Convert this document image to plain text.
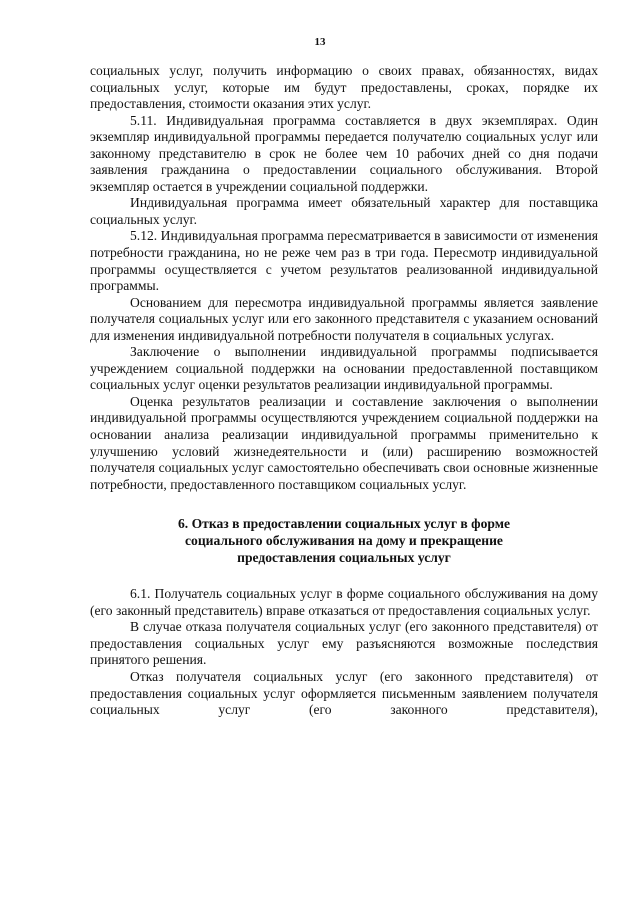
13

социальных услуг, получить информацию о своих правах, обязанностях, видах социальных услуг, которые им будут предоставлены, сроках, порядке их предоставления, стоимости оказания этих услуг.

5.11. Индивидуальная программа составляется в двух экземплярах. Один экземпляр индивидуальной программы передается получателю социальных услуг или законному представителю в срок не более чем 10 рабочих дней со дня подачи заявления гражданина о предоставлении социального обслуживания. Второй экземпляр остается в учреждении социальной поддержки.

Индивидуальная программа имеет обязательный характер для поставщика социальных услуг.

5.12. Индивидуальная программа пересматривается в зависимости от изменения потребности гражданина, но не реже чем раз в три года. Пересмотр индивидуальной программы осуществляется с учетом результатов реализованной индивидуальной программы.

Основанием для пересмотра индивидуальной программы является заявление получателя социальных услуг или его законного представителя с указанием оснований для изменения индивидуальной потребности получателя в социальных услугах.

Заключение о выполнении индивидуальной программы подписывается учреждением социальной поддержки на основании предоставленной поставщиком социальных услуг оценки результатов реализации индивидуальной программы.

Оценка результатов реализации и составление заключения о выполнении индивидуальной программы осуществляются учреждением социальной поддержки на основании анализа реализации индивидуальной программы применительно к улучшению условий жизнедеятельности и (или) расширению возможностей получателя социальных услуг самостоятельно обеспечивать свои основные жизненные потребности, предоставленного поставщиком социальных услуг.

6. Отказ в предоставлении социальных услуг в форме
социального обслуживания на дому и прекращение
предоставления социальных услуг

6.1. Получатель социальных услуг в форме социального обслуживания на дому (его законный представитель) вправе отказаться от предоставления социальных услуг.

В случае отказа получателя социальных услуг (его законного представителя) от предоставления социальных услуг ему разъясняются возможные последствия принятого решения.

Отказ получателя социальных услуг (его законного представителя) от предоставления социальных услуг оформляется письменным заявлением получателя социальных услуг (его законного представителя),
